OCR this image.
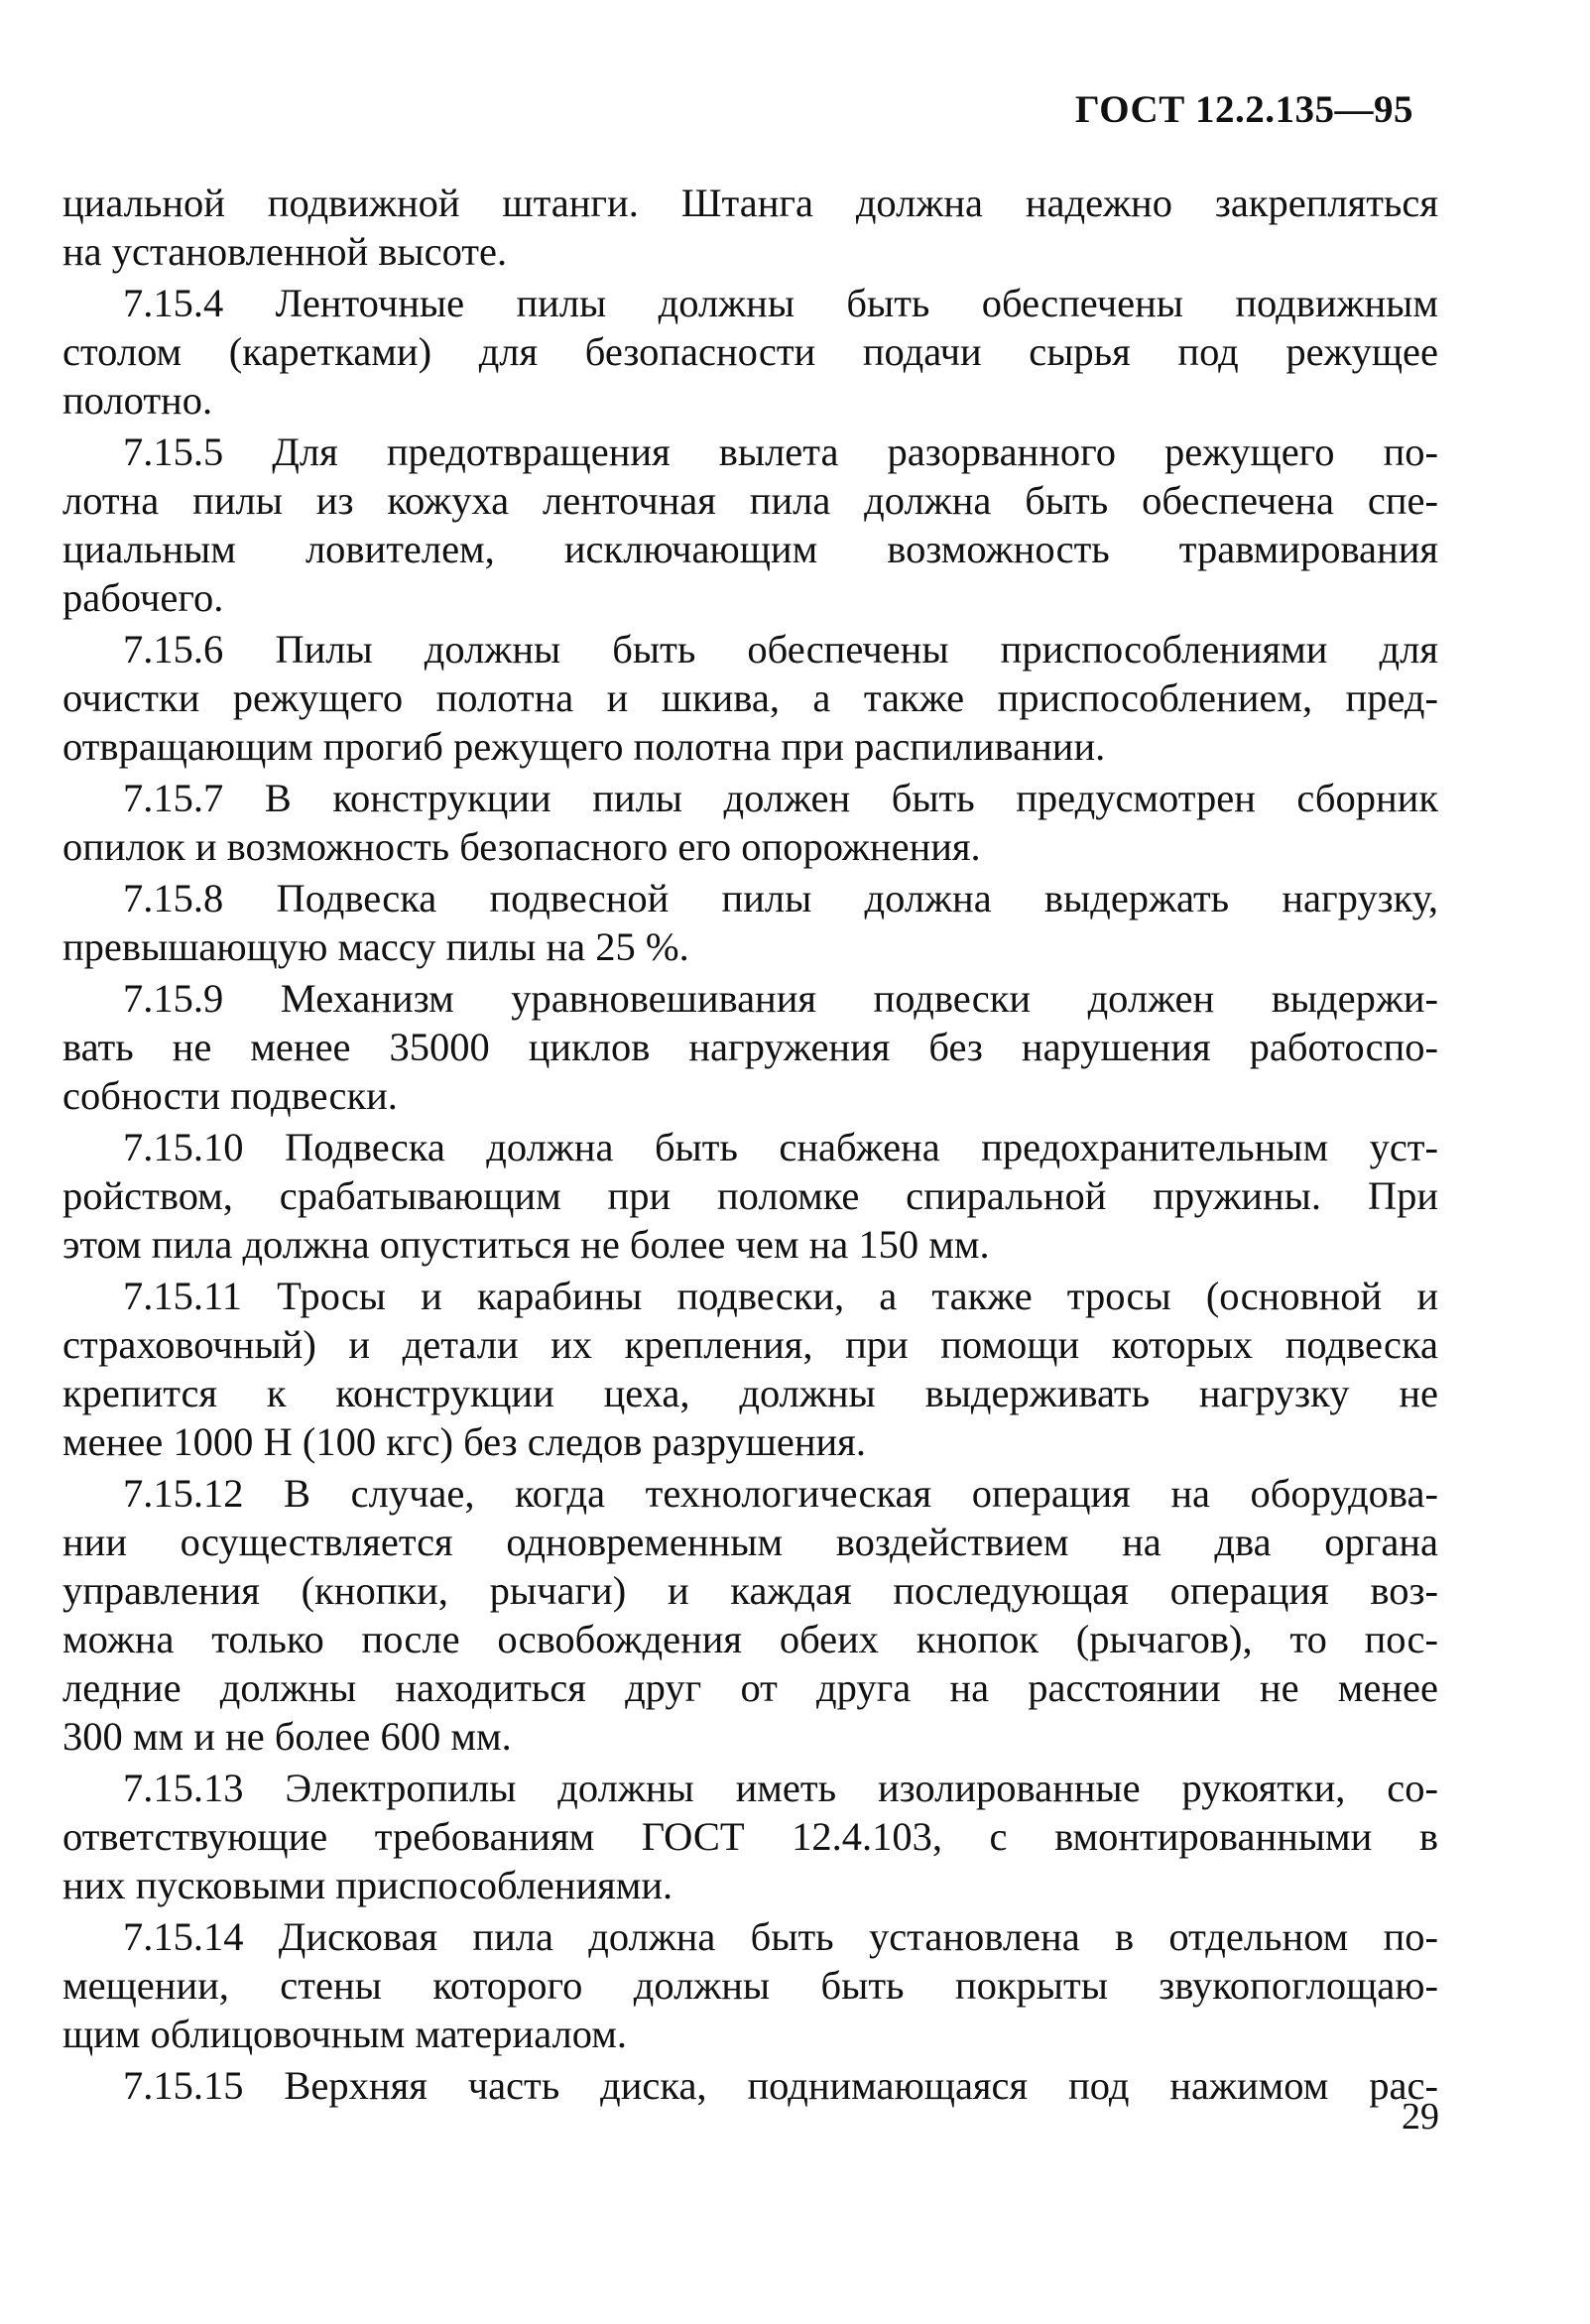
ГОСТ 12.2.135—95
циальной подвижной штанги. Штанга должна надежно закрепляться
на установленной высоте.
7.15.4 Ленточные пилы должны быть обеспечены подвижным
столом (каретками) для безопасности подачи сырья под режущее
полотно.
7.15.5 Для предотвращения вылета разорванного режущего по-
лотна пилы из кожуха ленточная пила должна быть обеспечена спе-
циальным ловителем, исключающим возможность травмирования
рабочего.
7.15.6 Пилы должны быть обеспечены приспособлениями для
очистки режущего полотна и шкива, а также приспособлением, пред-
отвращающим прогиб режущего полотна при распиливании.
7.15.7 В конструкции пилы должен быть предусмотрен сборник
опилок и возможность безопасного его опорожнения.
7.15.8 Подвеска подвесной пилы должна выдержать нагрузку,
превышающую массу пилы на 25 %.
7.15.9 Механизм уравновешивания подвески должен выдержи-
вать не менее 35000 циклов нагружения без нарушения работоспо-
собности подвески.
7.15.10 Подвеска должна быть снабжена предохранительным уст-
ройством, срабатывающим при поломке спиральной пружины. При
этом пила должна опуститься не более чем на 150 мм.
7.15.11 Тросы и карабины подвески, а также тросы (основной и
страховочный) и детали их крепления, при помощи которых подвеска
крепится к конструкции цеха, должны выдерживать нагрузку не
менее 1000 Н (100 кгс) без следов разрушения.
7.15.12 В случае, когда технологическая операция на оборудова-
нии осуществляется одновременным воздействием на два органа
управления (кнопки, рычаги) и каждая последующая операция воз-
можна только после освобождения обеих кнопок (рычагов), то пос-
ледние должны находиться друг от друга на расстоянии не менее
300 мм и не более 600 мм.
7.15.13 Электропилы должны иметь изолированные рукоятки, со-
ответствующие требованиям ГОСТ 12.4.103, с вмонтированными в
них пусковыми приспособлениями.
7.15.14 Дисковая пила должна быть установлена в отдельном по-
мещении, стены которого должны быть покрыты звукопоглощаю-
щим облицовочным материалом.
7.15.15 Верхняя часть диска, поднимающаяся под нажимом рас-
29
